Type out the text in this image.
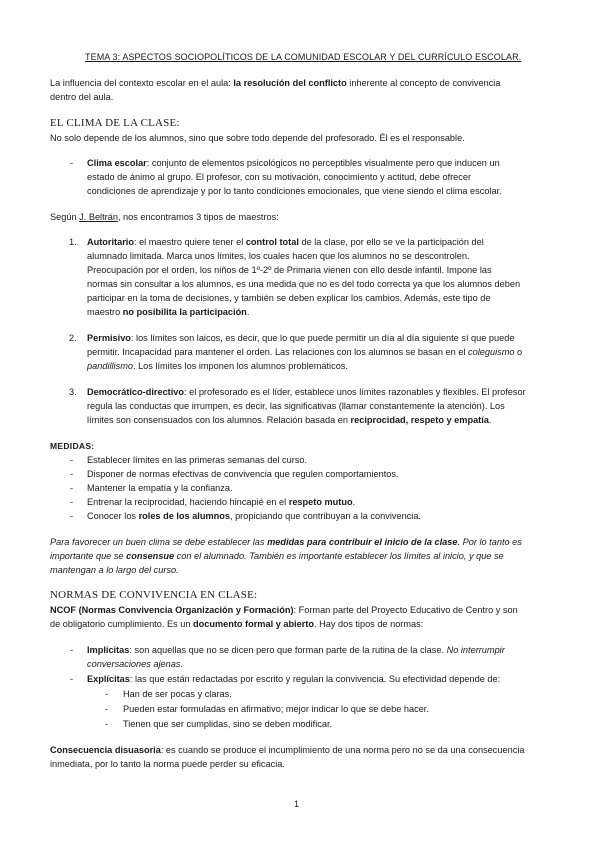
TEMA 3: ASPECTOS SOCIOPOLÍTICOS DE LA COMUNIDAD ESCOLAR Y DEL CURRÍCULO ESCOLAR.
La influencia del contexto escolar en el aula: la resolución del conflicto inherente al concepto de convivencia
dentro del aula.
EL CLIMA DE LA CLASE:
No solo depende de los alumnos, sino que sobre todo depende del profesorado. Él es el responsable.
- Clima escolar: conjunto de elementos psicológicos no perceptibles visualmente pero que inducen un
estado de ánimo al grupo. El profesor, con su motivación, conocimiento y actitud, debe ofrecer
condiciones de aprendizaje y por lo tanto condiciones emocionales, que viene siendo el clima escolar.
Según J. Beltrán, nos encontramos 3 tipos de maestros:
1. Autoritario: el maestro quiere tener el control total de la clase, por ello se ve la participación del
alumnado limitada. Marca unos límites, los cuales hacen que los alumnos no se descontrolen.
Preocupación por el orden, los niños de 1º-2º de Primaria vienen con ello desde infantil. Impone las
normas sin consultar a los alumnos, es una medida que no es del todo correcta ya que los alumnos deben
participar en la toma de decisiones, y también se deben explicar los cambios. Además, este tipo de
maestro no posibilita la participación.
2. Permisivo: los límites son laicos, es decir, que lo que puede permitir un día al día siguiente sí que puede
permitir. Incapacidad para mantener el orden. Las relaciones con los alumnos se basan en el coleguismo o
pandillismo. Los límites los imponen los alumnos problemáticos.
3. Democrático-directivo: el profesorado es el líder, establece unos límites razonables y flexibles. El profesor
regula las conductas que irrumpen, es decir, las significativas (llamar constantemente la atención). Los
límites son consensuados con los alumnos. Relación basada en reciprocidad, respeto y empatía.
MEDIDAS:
- Establecer límites en las primeras semanas del curso.
- Disponer de normas efectivas de convivencia que regulen comportamientos.
- Mantener la empatía y la confianza.
- Entrenar la reciprocidad, haciendo hincapié en el respeto mutuo.
- Conocer los roles de los alumnos, propiciando que contribuyan a la convivencia.
Para favorecer un buen clima se debe establecer las medidas para contribuir el inicio de la clase. Por lo tanto es
importante que se consensue con el alumnado. También es importante establecer los límites al inicio, y que se
mantengan a lo largo del curso.
NORMAS DE CONVIVENCIA EN CLASE:
NCOF (Normas Convivencia Organización y Formación): Forman parte del Proyecto Educativo de Centro y son
de obligatorio cumplimiento. Es un documento formal y abierto. Hay dos tipos de normas:
- Implícitas: son aquellas que no se dicen pero que forman parte de la rutina de la clase. No interrumpir
conversaciones ajenas.
- Explícitas: las que están redactadas por escrito y regulan la convivencia. Su efectividad depende de:
- Han de ser pocas y claras.
- Pueden estar formuladas en afirmativo; mejor indicar lo que se debe hacer.
- Tienen que ser cumplidas, sino se deben modificar.
Consecuencia disuasoria: es cuando se produce el incumplimiento de una norma pero no se da una consecuencia
inmediata, por lo tanto la norma puede perder su eficacia.
1
